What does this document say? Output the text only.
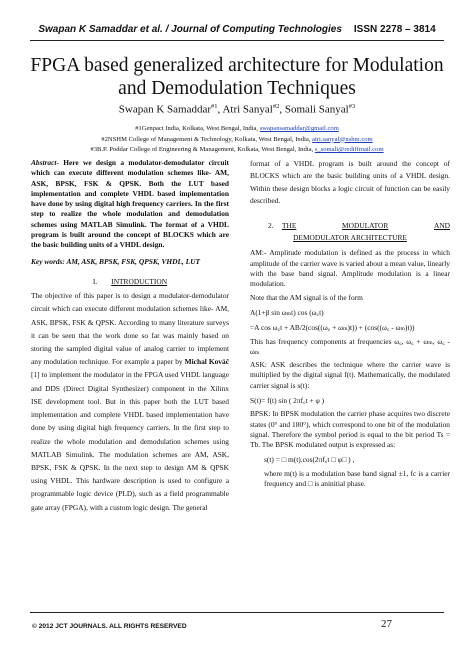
Swapan K Samaddar et al. / Journal of Computing Technologies ISSN 2278 – 3814
FPGA based generalized architecture for Modulation
and Demodulation Techniques
Swapan K Samaddar$^{\#1}$, Atri Sanyal$^{\#2}$, Somali Sanyal$^{\#3}$
#1Genpact India, Kolkata, West Bengal, India, swapansamaddar@gmail.com
#2NSHM College of Management & Technology, Kolkata, West Bengal, India, atri.sanyal@nshm.com
#3B.P. Poddar College of Engineering & Management, Kolkata, West Bengal, India, s_somali@rediffmail.com

Abstract- Here we design a modulator-demodulator circuit which can execute different modulation schemes like- AM, ASK, BPSK, FSK & QPSK. Both the LUT based implementation and complete VHDL based implementation have done by using digital high frequency carriers. In the first step to realize the whole modulation and demodulation schemes using MATLAB Simulink. The format of a VHDL program is built around the concept of BLOCKS which are the basic building units of a VHDL design.

Key words: AM, ASK, BPSK, FSK, QPSK, VHDL, LUT

I. INTRODUCTION

The objective of this paper is to design a modulator-demodulator circuit which can execute different modulation schemes like- AM, ASK, BPSK, FSK & QPSK. According to many literature surveys it can be seen that the work done so far was mainly based on storing the sampled digital value of analog carrier to implement any modulation technique. For example a paper by Michal Kováč [1] to implement the modulator in the FPGA used VHDL language and DDS (Direct Digital Synthesizer) component in the Xilinx ISE development tool. But in this paper both the LUT based implementation and complete VHDL based implementation have done by using digital high frequency carriers. In the first step to realize the whole modulation and demodulation schemes using MATLAB Simulink. The modulation schemes are AM, ASK, BPSK, FSK & QPSK. In the next step to design AM & QPSK using VHDL. This hardware description is used to configure a programmable logic device (PLD), such as a field programmable gate array (FPGA), with a custom logic design. The general

format of a VHDL program is built around the concept of BLOCKS which are the basic building units of a VHDL design. Within these design blocks a logic circuit of function can be easily described.

2. THE	MODULATOR	AND
DEMODULATOR ARCHITECTURE

AM:- Amplitude modulation is defined as the process in which amplitude of the carrier wave is varied about a mean value, linearly with the base band signal. Amplitude modulation is a linear modulation.

Note that the AM signal is of the form

A(1+β sin ωₘt) cos (ω꜀t)

=A cos ω꜀t + AB/2(cos((ω꜀ + ωₘ)t)) + (cos((ω꜀ - ωₘ)t))

This has frequency components at frequencies ω꜀, ω꜀ + ωₘ, ω꜀ - ωₘ

ASK: ASK describes the technique where the carrier wave is multiplied by the digital signal f(t). Mathematically, the modulated carrier signal is s(t):

S(t)= f(t) sin ( 2πf꜀t + φ )

BPSK: In BPSK modulation the carrier phase acquires two discrete states (0° and 180°), which correspond to one bit of the modulation signal. Therefore the symbol period is equal to the bit period Ts = Tb. The BPSK modulated output is expressed as:

s(t) = □ m(t).cos(2πf꜀t □ φ□ ) ,

where m(t) is a modulation base band signal ±1, fc is a carrier frequency and □ is aninitial phase.

© 2012 JCT JOURNALS. ALL RIGHTS RESERVED	27
